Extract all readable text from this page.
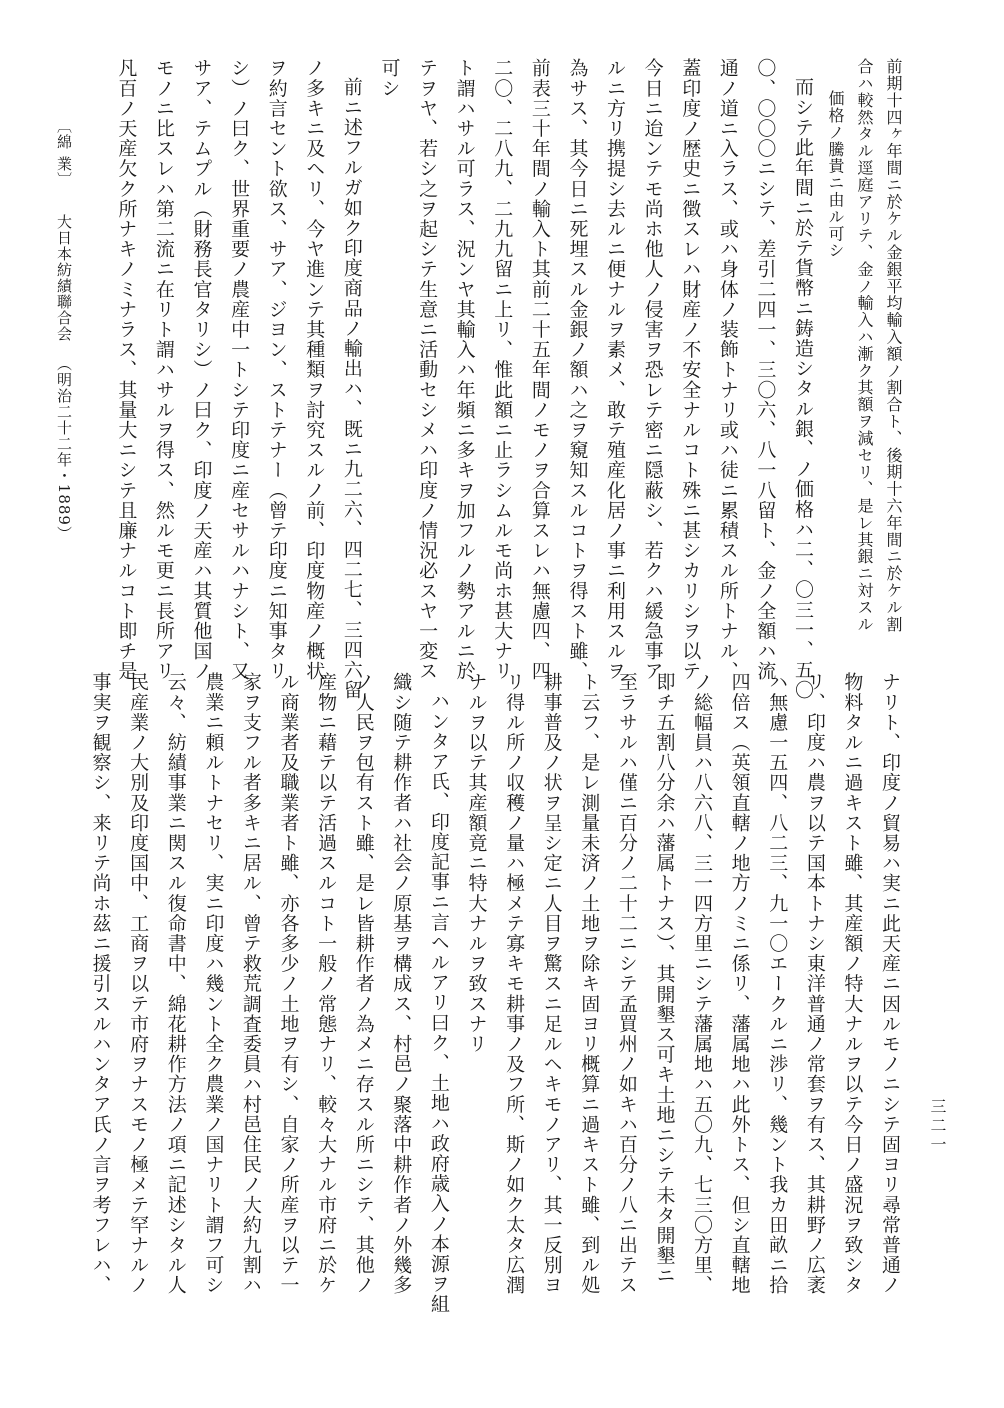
前期十四ヶ年間ニ於ケル金銀平均輸入額ノ割合ト、後期十六年間ニ於ケル割
合ハ較然タル逕庭アリテ、金ノ輸入ハ漸ク其額ヲ減セリ、是レ其銀ニ対スル
価格ノ騰貴ニ由ル可シ
而シテ此年間ニ於テ貨幣ニ鋳造シタル銀、ノ価格ハ二、〇三一、五〇
〇、〇〇〇ニシテ、差引二四一、三〇六、八一八留ト、金ノ全額ハ流
通ノ道ニ入ラス、或ハ身体ノ装飾トナリ或ハ徒ニ累積スル所トナル、
蓋印度ノ歴史ニ徴スレハ財産ノ不安全ナルコト殊ニ甚シカリシヲ以テ
今日ニ迨ンテモ尚ホ他人ノ侵害ヲ恐レテ密ニ隠蔽シ、若クハ緩急事ア
ルニ方リ携提シ去ルニ便ナルヲ素メ、敢テ殖産化居ノ事ニ利用スルヲ
為サス、其今日ニ死埋スル金銀ノ額ハ之ヲ窺知スルコトヲ得スト雖、
前表三十年間ノ輸入ト其前二十五年間ノモノヲ合算スレハ無慮四、四
二〇、二八九、二九九留ニ上リ、惟此額ニ止ラシムルモ尚ホ甚大ナリ
ト謂ハサル可ラス、況ンヤ其輸入ハ年頻ニ多キヲ加フルノ勢アルニ於
テヲヤ、若シ之ヲ起シテ生意ニ活動セシメハ印度ノ情況必スヤ一変ス
可シ
前ニ述フルガ如ク印度商品ノ輸出ハ、既ニ九二六、四二七、三四六留
ノ多キニ及ヘリ、今ヤ進ンテ其種類ヲ討究スルノ前、印度物産ノ概状
ヲ約言セント欲ス、サア、ジヨン、ストテナー（曾テ印度ニ知事タリ
シ）ノ曰ク、世界重要ノ農産中一トシテ印度ニ産セサルハナシト、又
サア、テムプル（財務長官タリシ）ノ曰ク、印度ノ天産ハ其質他国ノ
モノニ比スレハ第二流ニ在リト謂ハサルヲ得ス、然ルモ更ニ長所アリ
凡百ノ天産欠ク所ナキノミナラス、其量大ニシテ且廉ナルコト即チ是
ナリト、印度ノ貿易ハ実ニ此天産ニ因ルモノニシテ固ヨリ尋常普通ノ
物料タルニ過キスト雖、其産額ノ特大ナルヲ以テ今日ノ盛況ヲ致シタ
リ、印度ハ農ヲ以テ国本トナシ東洋普通ノ常套ヲ有ス、其耕野ノ広袤
ハ無慮一五四、八二三、九一〇エークルニ渉リ、幾ント我カ田畝ニ拾
四倍ス（英領直轄ノ地方ノミニ係リ、藩属地ハ此外トス、但シ直轄地
ノ総幅員ハ八六八、三一四方里ニシテ藩属地ハ五〇九、七三〇方里、
即チ五割八分余ハ藩属トナス）、其開墾ス可キ土地ニシテ未タ開墾ニ
至ラサルハ僅ニ百分ノ二十二ニシテ孟買州ノ如キハ百分ノ八ニ出テス
ト云フ、是レ測量未済ノ土地ヲ除キ固ヨリ概算ニ過キスト雖、到ル処
耕事普及ノ状ヲ呈シ定ニ人目ヲ驚スニ足ルヘキモノアリ、其一反別ヨ
リ得ル所ノ収穫ノ量ハ極メテ寡キモ耕事ノ及フ所、斯ノ如ク太タ広潤
ナルヲ以テ其産額竟ニ特大ナルヲ致スナリ
ハンタア氏、印度記事ニ言ヘルアリ曰ク、土地ハ政府歳入ノ本源ヲ組
織シ随テ耕作者ハ社会ノ原基ヲ構成ス、村邑ノ聚落中耕作者ノ外幾多
ノ人民ヲ包有スト雖、是レ皆耕作者ノ為メニ存スル所ニシテ、其他ノ
産物ニ藉テ以テ活過スルコト一般ノ常態ナリ、較々大ナル市府ニ於ケ
ル商業者及職業者ト雖、亦各多少ノ土地ヲ有シ、自家ノ所産ヲ以テ一
家ヲ支フル者多キニ居ル、曾テ救荒調査委員ハ村邑住民ノ大約九割ハ
農業ニ頼ルトナセリ、実ニ印度ハ幾ント全ク農業ノ国ナリト謂フ可シ
云々、紡績事業ニ関スル復命書中、綿花耕作方法ノ項ニ記述シタル人
民産業ノ大別及印度国中、工商ヲ以テ市府ヲナスモノ極メテ罕ナルノ
事実ヲ観察シ、来リテ尚ホ茲ニ援引スルハンタア氏ノ言ヲ考フレハ、
〔綿 業〕大日本紡績聯合会（明治二十二年・1889）
三二一
